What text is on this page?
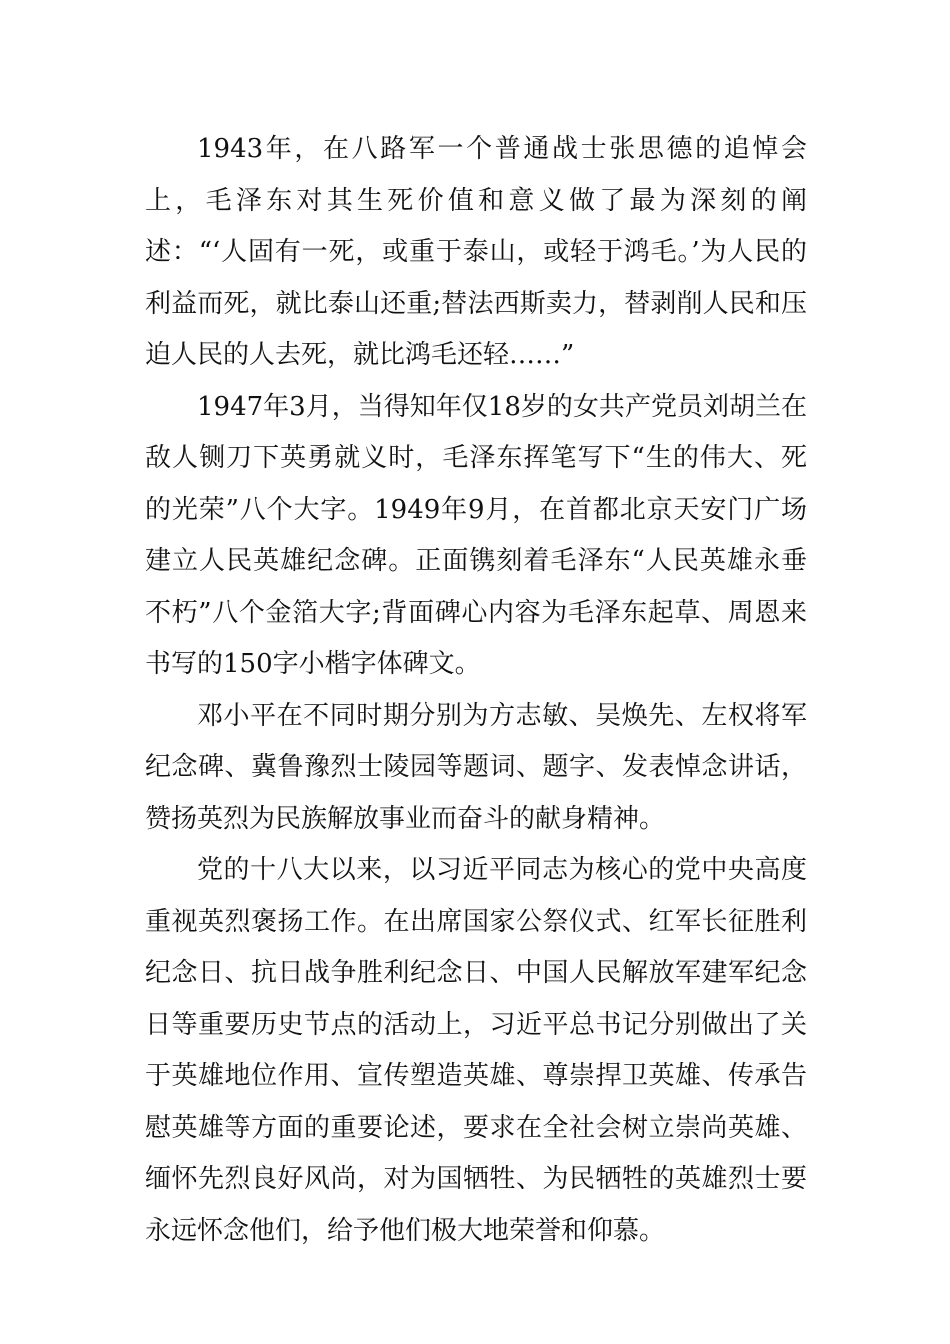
1943年，在八路军一个普通战士张思德的追悼会上，毛泽东对其生死价值和意义做了最为深刻的阐述：“‘人固有一死，或重于泰山，或轻于鸿毛。’为人民的利益而死，就比泰山还重;替法西斯卖力，替剥削人民和压迫人民的人去死，就比鸿毛还轻……”

1947年3月，当得知年仅18岁的女共产党员刘胡兰在敌人铡刀下英勇就义时，毛泽东挥笔写下“生的伟大、死的光荣”八个大字。1949年9月，在首都北京天安门广场建立人民英雄纪念碑。正面镌刻着毛泽东“人民英雄永垂不朽”八个金箔大字;背面碑心内容为毛泽东起草、周恩来书写的150字小楷字体碑文。

邓小平在不同时期分别为方志敏、吴焕先、左权将军纪念碑、冀鲁豫烈士陵园等题词、题字、发表悼念讲话，赞扬英烈为民族解放事业而奋斗的献身精神。

党的十八大以来，以习近平同志为核心的党中央高度重视英烈褒扬工作。在出席国家公祭仪式、红军长征胜利纪念日、抗日战争胜利纪念日、中国人民解放军建军纪念日等重要历史节点的活动上，习近平总书记分别做出了关于英雄地位作用、宣传塑造英雄、尊崇捍卫英雄、传承告慰英雄等方面的重要论述，要求在全社会树立崇尚英雄、缅怀先烈良好风尚，对为国牺牲、为民牺牲的英雄烈士要永远怀念他们，给予他们极大地荣誉和仰慕。
